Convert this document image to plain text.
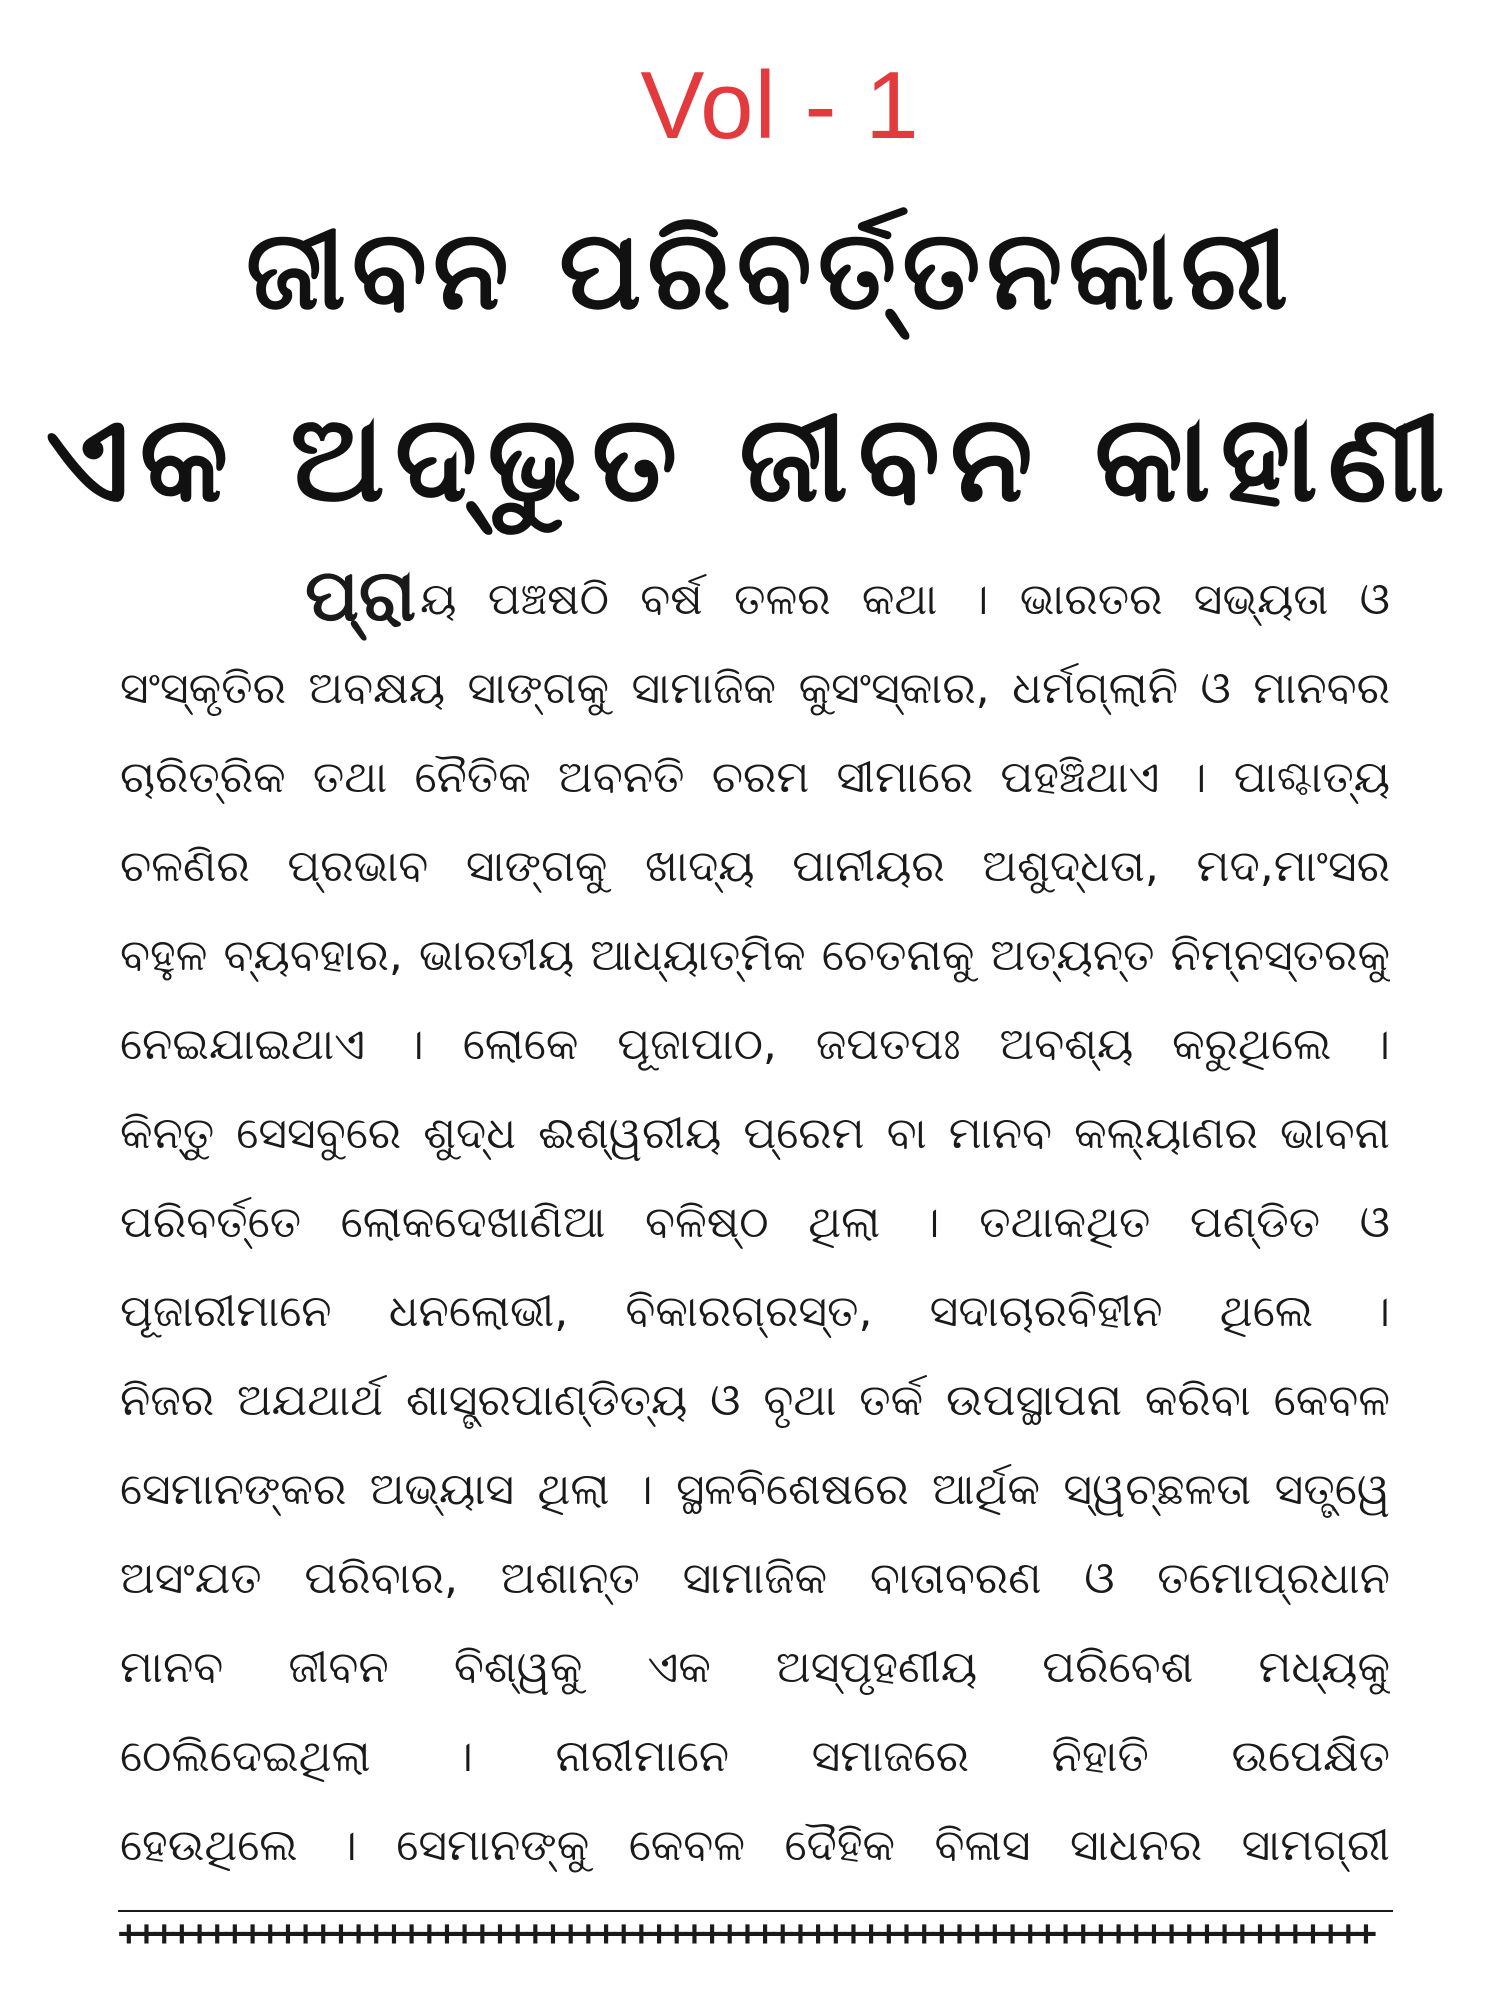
Vol - 1
ଜୀବନ ପରିବର୍ତ୍ତନକାରୀ
ଏକ ଅଦ୍ଭୁତ ଜୀବନ କାହାଣୀ
ପ୍ରାୟ ପଞ୍ଚଷଠି ବର୍ଷ ତଳର କଥା । ଭାରତର ସଭ୍ୟତା ଓ
ସଂସ୍କୃତିର ଅବକ୍ଷୟ ସାଙ୍ଗକୁ ସାମାଜିକ କୁସଂସ୍କାର, ଧର୍ମଗ୍ଲାନି ଓ ମାନବର
ଚାରିତ୍ରିକ ତଥା ନୈତିକ ଅବନତି ଚରମ ସୀମାରେ ପହଞ୍ଚିଥାଏ । ପାଶ୍ଚାତ୍ୟ
ଚଳଣିର ପ୍ରଭାବ ସାଙ୍ଗକୁ ଖାଦ୍ୟ ପାନୀୟର ଅଶୁଦ୍ଧତା, ମଦ,ମାଂସର
ବହୁଳ ବ୍ୟବହାର, ଭାରତୀୟ ଆଧ୍ୟାତ୍ମିକ ଚେତନାକୁ ଅତ୍ୟନ୍ତ ନିମ୍ନସ୍ତରକୁ
ନେଇଯାଇଥାଏ । ଲୋକେ ପୂଜାପାଠ, ଜପତପଃ ଅବଶ୍ୟ କରୁଥିଲେ ।
କିନ୍ତୁ ସେସବୁରେ ଶୁଦ୍ଧ ଈଶ୍ୱରୀୟ ପ୍ରେମ ବା ମାନବ କଲ୍ୟାଣର ଭାବନା
ପରିବର୍ତ୍ତେ ଲୋକଦେଖାଣିଆ ବଳିଷ୍ଠ ଥିଲା । ତଥାକଥିତ ପଣ୍ଡିତ ଓ
ପୂଜାରୀମାନେ ଧନଲୋଭୀ, ବିକାରଗ୍ରସ୍ତ, ସଦାଚାରବିହୀନ ଥିଲେ ।
ନିଜର ଅଯଥାର୍ଥ ଶାସ୍ତ୍ରପାଣ୍ଡିତ୍ୟ ଓ ବୃଥା ତର୍କ ଉପସ୍ଥାପନା କରିବା କେବଳ
ସେମାନଙ୍କର ଅଭ୍ୟାସ ଥିଲା । ସ୍ଥଳବିଶେଷରେ ଆର୍ଥିକ ସ୍ୱଚ୍ଛଳତା ସତ୍ତ୍ୱେ
ଅସଂଯତ ପରିବାର, ଅଶାନ୍ତ ସାମାଜିକ ବାତାବରଣ ଓ ତମୋପ୍ରଧାନ
ମାନବ ଜୀବନ ବିଶ୍ୱକୁ ଏକ ଅସ୍ପୃହଣୀୟ ପରିବେଶ ମଧ୍ୟକୁ
ଠେଲିଦେଇଥିଲା । ନାରୀମାନେ ସମାଜରେ ନିହାତି ଉପେକ୍ଷିତ
ହେଉଥିଲେ । ସେମାନଙ୍କୁ କେବଳ ଦୈହିକ ବିଳାସ ସାଧନର ସାମଗ୍ରୀ
+++++++++++++++++++++++++++++++++++++++++++++++++++++++++++++++++++++++
